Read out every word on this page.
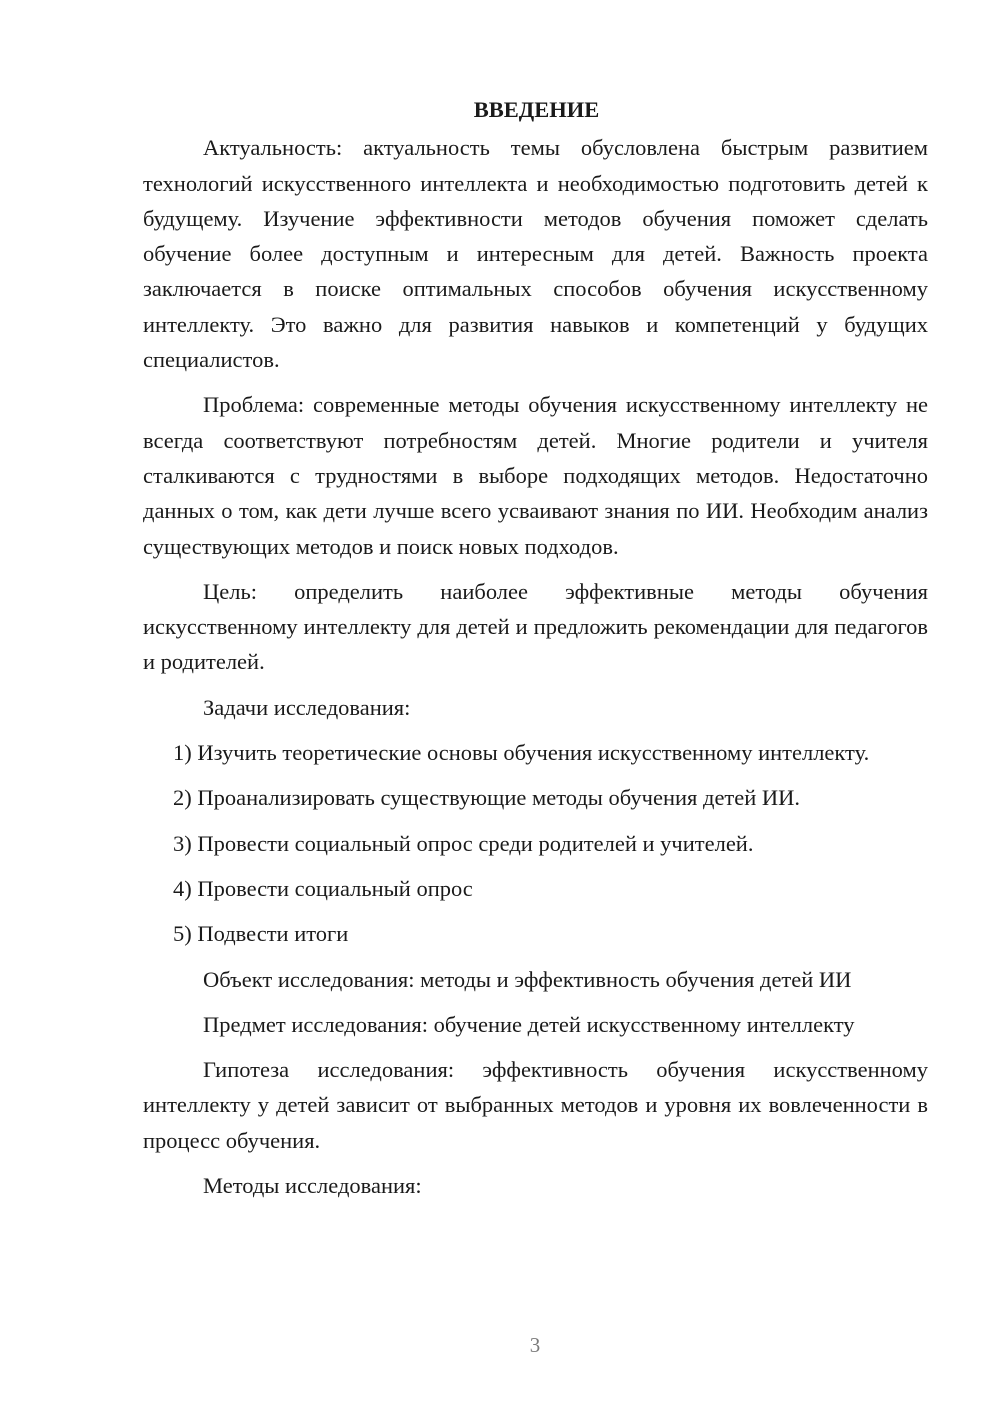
ВВЕДЕНИЕ
Актуальность: актуальность темы обусловлена быстрым развитием технологий искусственного интеллекта и необходимостью подготовить детей к будущему. Изучение эффективности методов обучения поможет сделать обучение более доступным и интересным для детей. Важность проекта заключается в поиске оптимальных способов обучения искусственному интеллекту. Это важно для развития навыков и компетенций у будущих специалистов.
Проблема: современные методы обучения искусственному интеллекту не всегда соответствуют потребностям детей. Многие родители и учителя сталкиваются с трудностями в выборе подходящих методов. Недостаточно данных о том, как дети лучше всего усваивают знания по ИИ. Необходим анализ существующих методов и поиск новых подходов.
Цель: определить наиболее эффективные методы обучения искусственному интеллекту для детей и предложить рекомендации для педагогов и родителей.
Задачи исследования:
1) Изучить теоретические основы обучения искусственному интеллекту.
2) Проанализировать существующие методы обучения детей ИИ.
3) Провести социальный опрос среди родителей и учителей.
4) Провести социальный опрос
5) Подвести итоги
Объект исследования: методы и эффективность обучения детей ИИ
Предмет исследования: обучение детей искусственному интеллекту
Гипотеза исследования: эффективность обучения искусственному интеллекту у детей зависит от выбранных методов и уровня их вовлеченности в процесс обучения.
Методы исследования:
3
